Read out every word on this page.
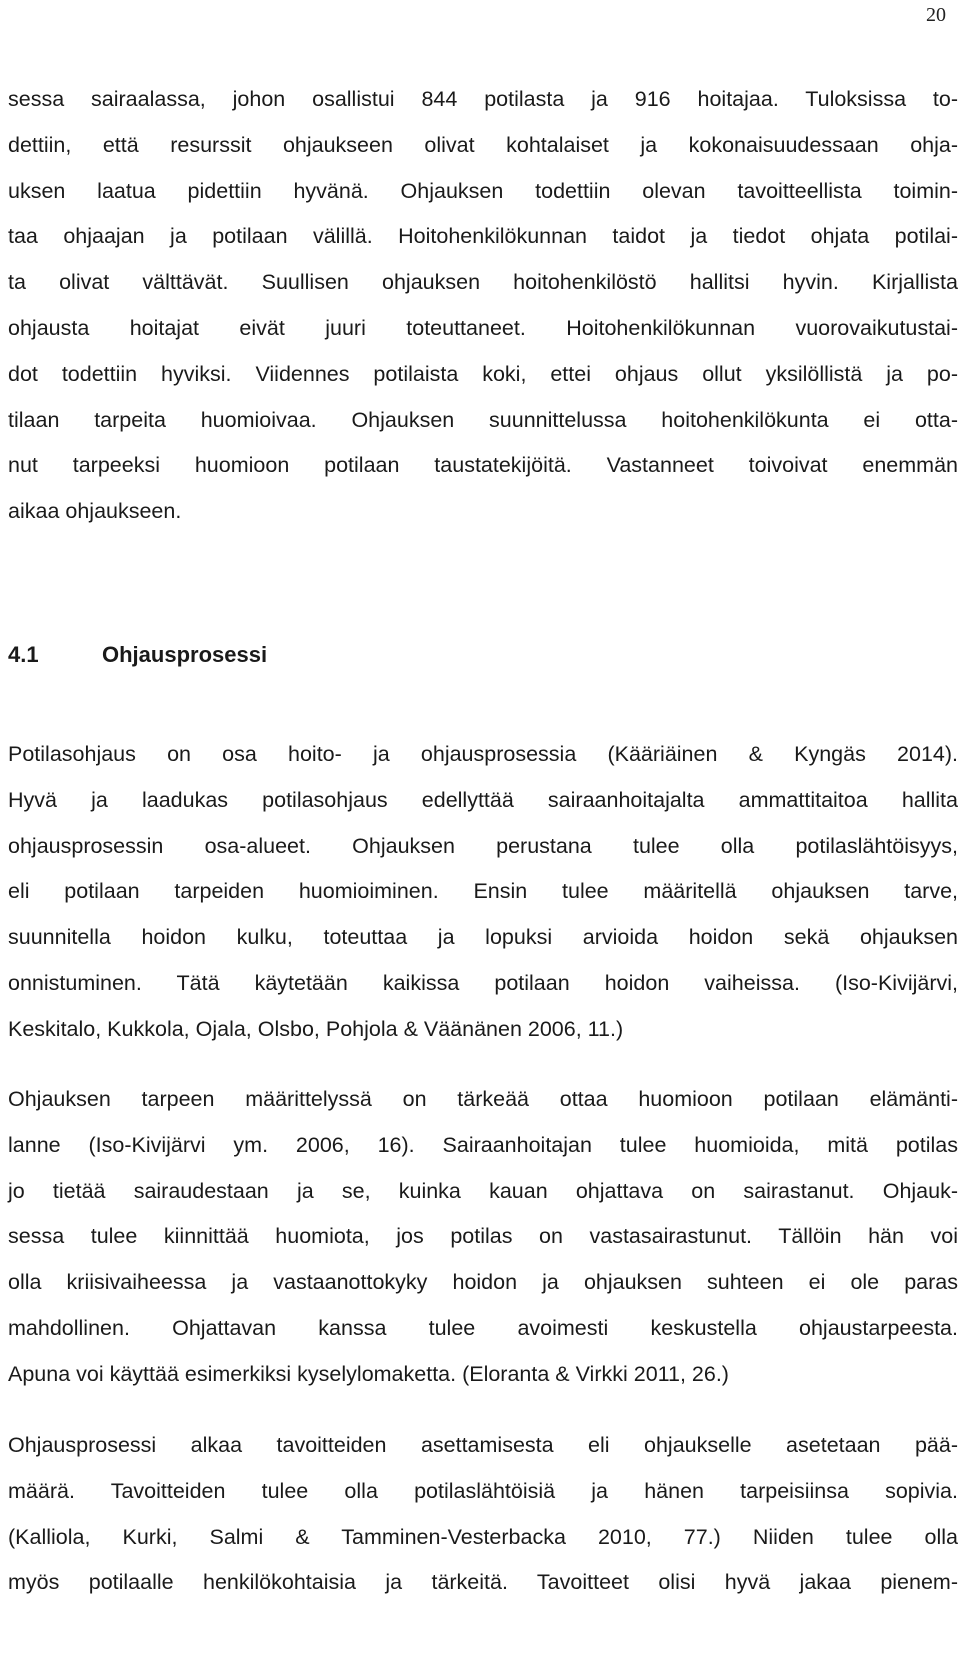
20
sessa sairaalassa, johon osallistui 844 potilasta ja 916 hoitajaa. Tuloksissa to-
dettiin, että resurssit ohjaukseen olivat kohtalaiset ja kokonaisuudessaan ohja-
uksen laatua pidettiin hyvänä. Ohjauksen todettiin olevan tavoitteellista toimin-
taa ohjaajan ja potilaan välillä. Hoitohenkilökunnan taidot ja tiedot ohjata potilai-
ta olivat välttävät. Suullisen ohjauksen hoitohenkilöstö hallitsi hyvin. Kirjallista
ohjausta hoitajat eivät juuri toteuttaneet. Hoitohenkilökunnan vuorovaikutustai-
dot todettiin hyviksi. Viidennes potilaista koki, ettei ohjaus ollut yksilöllistä ja po-
tilaan tarpeita huomioivaa. Ohjauksen suunnittelussa hoitohenkilökunta ei otta-
nut tarpeeksi huomioon potilaan taustatekijöitä. Vastanneet toivoivat enemmän
aikaa ohjaukseen.
4.1	Ohjausprosessi
Potilasohjaus on osa hoito- ja ohjausprosessia (Kääriäinen & Kyngäs 2014).
Hyvä ja laadukas potilasohjaus edellyttää sairaanhoitajalta ammattitaitoa hallita
ohjausprosessin osa-alueet. Ohjauksen perustana tulee olla potilaslähtöisyys,
eli potilaan tarpeiden huomioiminen. Ensin tulee määritellä ohjauksen tarve,
suunnitella hoidon kulku, toteuttaa ja lopuksi arvioida hoidon sekä ohjauksen
onnistuminen. Tätä käytetään kaikissa potilaan hoidon vaiheissa. (Iso-Kivijärvi,
Keskitalo, Kukkola, Ojala, Olsbo, Pohjola & Väänänen 2006, 11.)
Ohjauksen tarpeen määrittelyssä on tärkeää ottaa huomioon potilaan elämänti-
lanne (Iso-Kivijärvi ym. 2006, 16). Sairaanhoitajan tulee huomioida, mitä potilas
jo tietää sairaudestaan ja se, kuinka kauan ohjattava on sairastanut. Ohjauk-
sessa tulee kiinnittää huomiota, jos potilas on vastasairastunut. Tällöin hän voi
olla kriisivaiheessa ja vastaanottokyky hoidon ja ohjauksen suhteen ei ole paras
mahdollinen. Ohjattavan kanssa tulee avoimesti keskustella ohjaustarpeesta.
Apuna voi käyttää esimerkiksi kyselylomaketta. (Eloranta & Virkki 2011, 26.)
Ohjausprosessi alkaa tavoitteiden asettamisesta eli ohjaukselle asetetaan pää-
määrä. Tavoitteiden tulee olla potilaslähtöisiä ja hänen tarpeisiinsa sopivia.
(Kalliola, Kurki, Salmi & Tamminen-Vesterbacka 2010, 77.) Niiden tulee olla
myös potilaalle henkilökohtaisia ja tärkeitä. Tavoitteet olisi hyvä jakaa pienem-
